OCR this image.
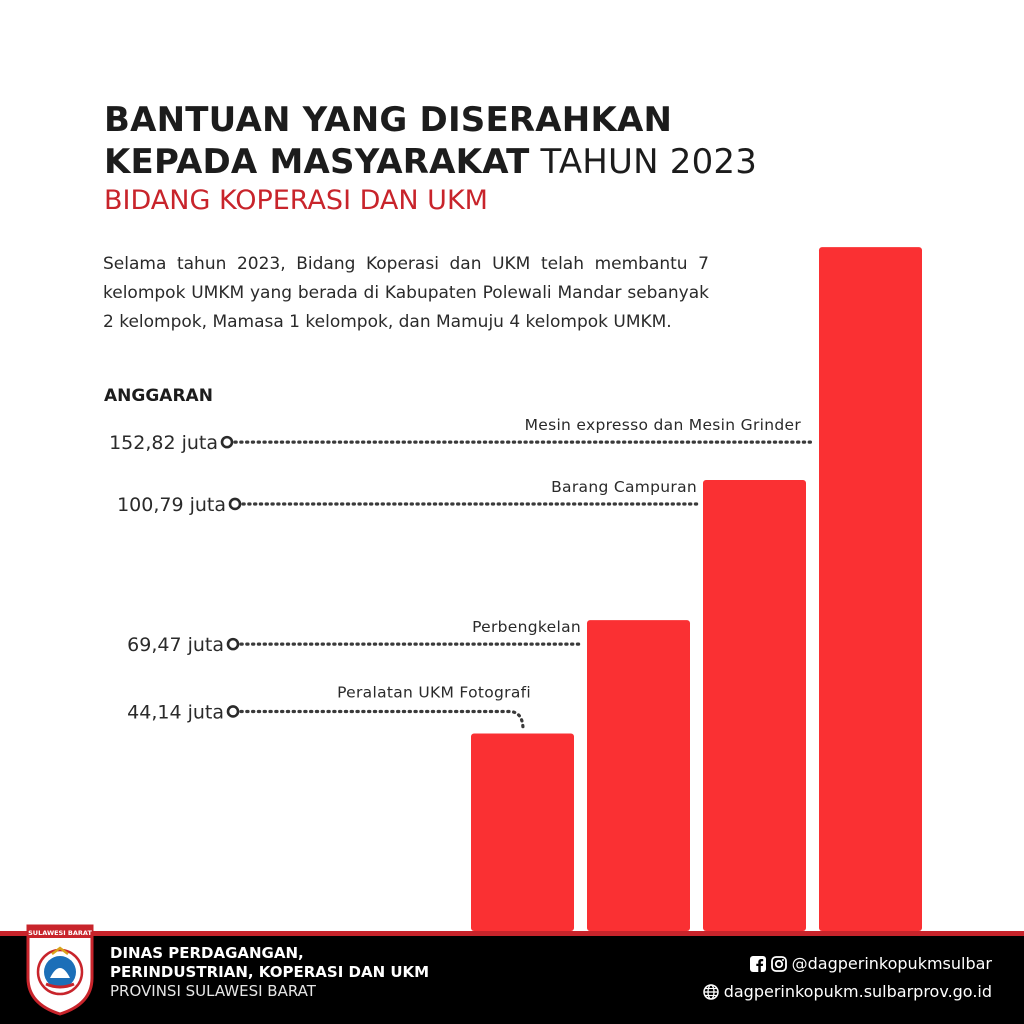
BANTUAN YANG DISERAHKAN
KEPADA MASYARAKAT TAHUN 2023
BIDANG KOPERASI DAN UKM
Selama tahun 2023, Bidang Koperasi dan UKM telah membantu 7 kelompok UMKM yang berada di Kabupaten Polewali Mandar sebanyak 2 kelompok, Mamasa 1 kelompok, dan Mamuju 4 kelompok UMKM.
ANGGARAN
44,14 juta
Peralatan UKM Fotografi
69,47 juta
Perbengkelan
100,79 juta
Barang Campuran
152,82 juta
Mesin expresso dan Mesin Grinder
SULAWESI BARAT
DINAS PERDAGANGAN,
PERINDUSTRIAN, KOPERASI DAN UKM
PROVINSI SULAWESI BARAT
@dagperinkopukmsulbar
dagperinkopukm.sulbarprov.go.id
